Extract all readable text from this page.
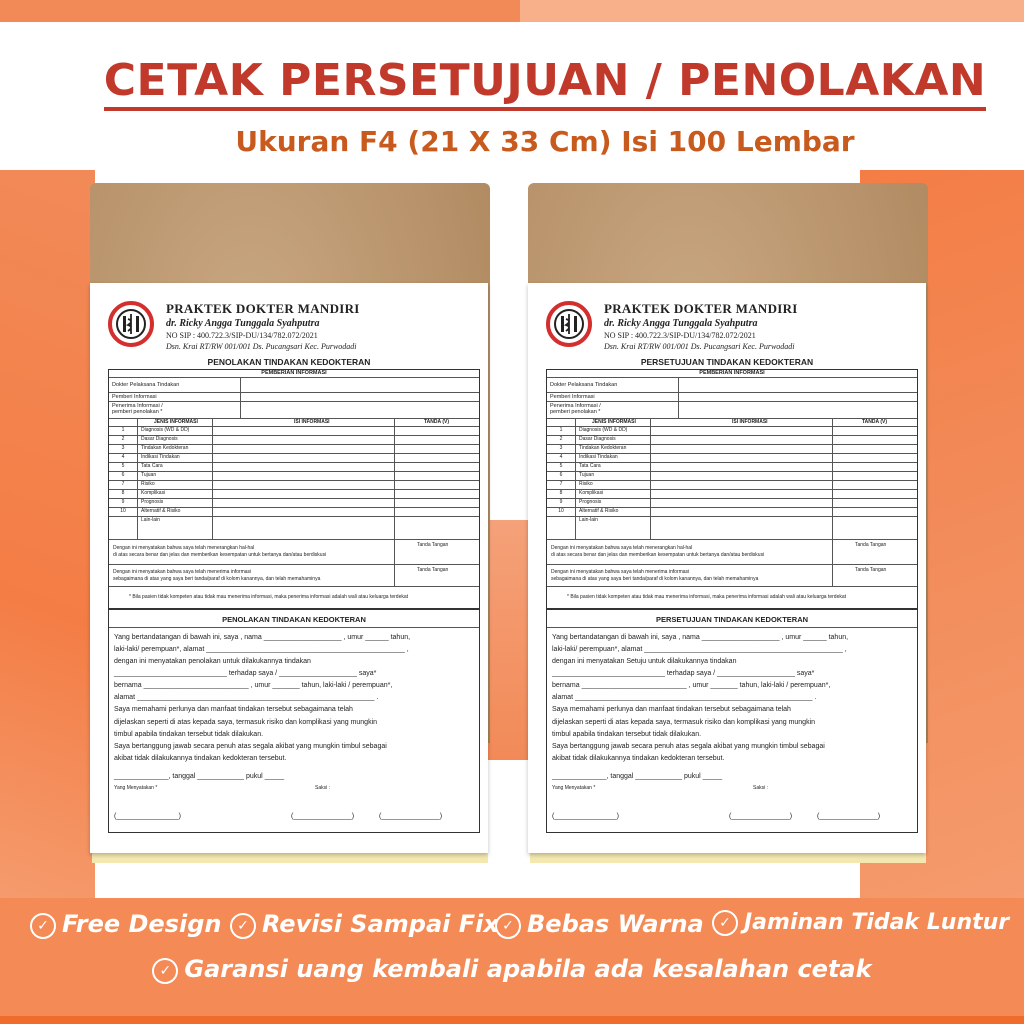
CETAK PERSETUJUAN / PENOLAKAN
Ukuran F4 (21 X 33 Cm) Isi 100 Lembar
PRAKTEK DOKTER MANDIRI
dr. Ricky Angga Tunggala Syahputra
NO SIP : 400.722.3/SIP-DU/134/782.072/2021
Dsn. Krai RT/RW 001/001 Ds. Pucangsari Kec. Purwodadi
PENOLAKAN TINDAKAN KEDOKTERAN
PEMBERIAN INFORMASI
Dokter Pelaksana Tindakan
Pemberi Informasi
Penerima Informasi /
pemberi penolakan *
JENIS INFORMASI	ISI INFORMASI	TANDA (V)
1	Diagnosis (WD & DD)
2	Dasar Diagnosis
3	Tindakan Kedokteran
4	Indikasi Tindakan
5	Tata Cara
6	Tujuan
7	Risiko
8	Komplikasi
9	Prognosis
10	Alternatif & Risiko
Lain-lain
Dengan ini menyatakan bahwa saya telah menerangkan hal-hal
di atas secara benar dan jelas dan memberikan kesempatan untuk bertanya dan/atau berdiskusi
Tanda Tangan
Dengan ini menyatakan bahwa saya telah menerima informasi
sebagaimana di atas yang saya beri tanda/paraf di kolom kanannya, dan telah memahaminya
Tanda Tangan
* Bila pasien tidak kompeten atau tidak mau menerima informasi, maka penerima informasi adalah wali atau keluarga terdekat
PENOLAKAN TINDAKAN KEDOKTERAN
Yang bertandatangan di bawah ini, saya , nama ____________________ , umur ______ tahun,
laki-laki/ perempuan*, alamat ___________________________________________________ ,
dengan ini menyatakan penolakan untuk dilakukannya tindakan
_____________________________ terhadap saya / ____________________ saya*
bernama ___________________________ , umur _______ tahun, laki-laki / perempuan*,
alamat _____________________________________________________________ .
Saya memahami perlunya dan manfaat tindakan tersebut sebagaimana telah
dijelaskan seperti di atas kepada saya, termasuk risiko dan komplikasi yang mungkin
timbul apabila tindakan tersebut tidak dilakukan.
Saya bertanggung jawab secara penuh atas segala akibat yang mungkin timbul sebagai
akibat tidak dilakukannya tindakan kedokteran tersebut.
______________, tanggal ____________ pukul _____
Yang Menyatakan *	Saksi :
(________________)	(_______________)	(_______________)
PRAKTEK DOKTER MANDIRI
dr. Ricky Angga Tunggala Syahputra
NO SIP : 400.722.3/SIP-DU/134/782.072/2021
Dsn. Krai RT/RW 001/001 Ds. Pucangsari Kec. Purwodadi
PERSETUJUAN TINDAKAN KEDOKTERAN
PEMBERIAN INFORMASI
Dokter Pelaksana Tindakan
Pemberi Informasi
Penerima Informasi /
pemberi penolakan *
JENIS INFORMASI	ISI INFORMASI	TANDA (V)
1	Diagnosis (WD & DD)
2	Dasar Diagnosis
3	Tindakan Kedokteran
4	Indikasi Tindakan
5	Tata Cara
6	Tujuan
7	Risiko
8	Komplikasi
9	Prognosis
10	Alternatif & Risiko
Lain-lain
Dengan ini menyatakan bahwa saya telah menerangkan hal-hal
di atas secara benar dan jelas dan memberikan kesempatan untuk bertanya dan/atau berdiskusi
Tanda Tangan
Dengan ini menyatakan bahwa saya telah menerima informasi
sebagaimana di atas yang saya beri tanda/paraf di kolom kanannya, dan telah memahaminya
Tanda Tangan
* Bila pasien tidak kompeten atau tidak mau menerima informasi, maka penerima informasi adalah wali atau keluarga terdekat
PERSETUJUAN TINDAKAN KEDOKTERAN
Yang bertandatangan di bawah ini, saya , nama ____________________ , umur ______ tahun,
laki-laki/ perempuan*, alamat ___________________________________________________ ,
dengan ini menyatakan Setuju untuk dilakukannya tindakan
_____________________________ terhadap saya / ____________________ saya*
bernama ___________________________ , umur _______ tahun, laki-laki / perempuan*,
alamat _____________________________________________________________ .
Saya memahami perlunya dan manfaat tindakan tersebut sebagaimana telah
dijelaskan seperti di atas kepada saya, termasuk risiko dan komplikasi yang mungkin
timbul apabila tindakan tersebut tidak dilakukan.
Saya bertanggung jawab secara penuh atas segala akibat yang mungkin timbul sebagai
akibat tidak dilakukannya tindakan kedokteran tersebut.
______________, tanggal ____________ pukul _____
Yang Menyatakan *	Saksi :
(________________)	(_______________)	(_______________)
✓ Free Design	✓ Revisi Sampai Fix ✓ Bebas Warna	✓ Jaminan Tidak Luntur
✓ Garansi uang kembali apabila ada kesalahan cetak
